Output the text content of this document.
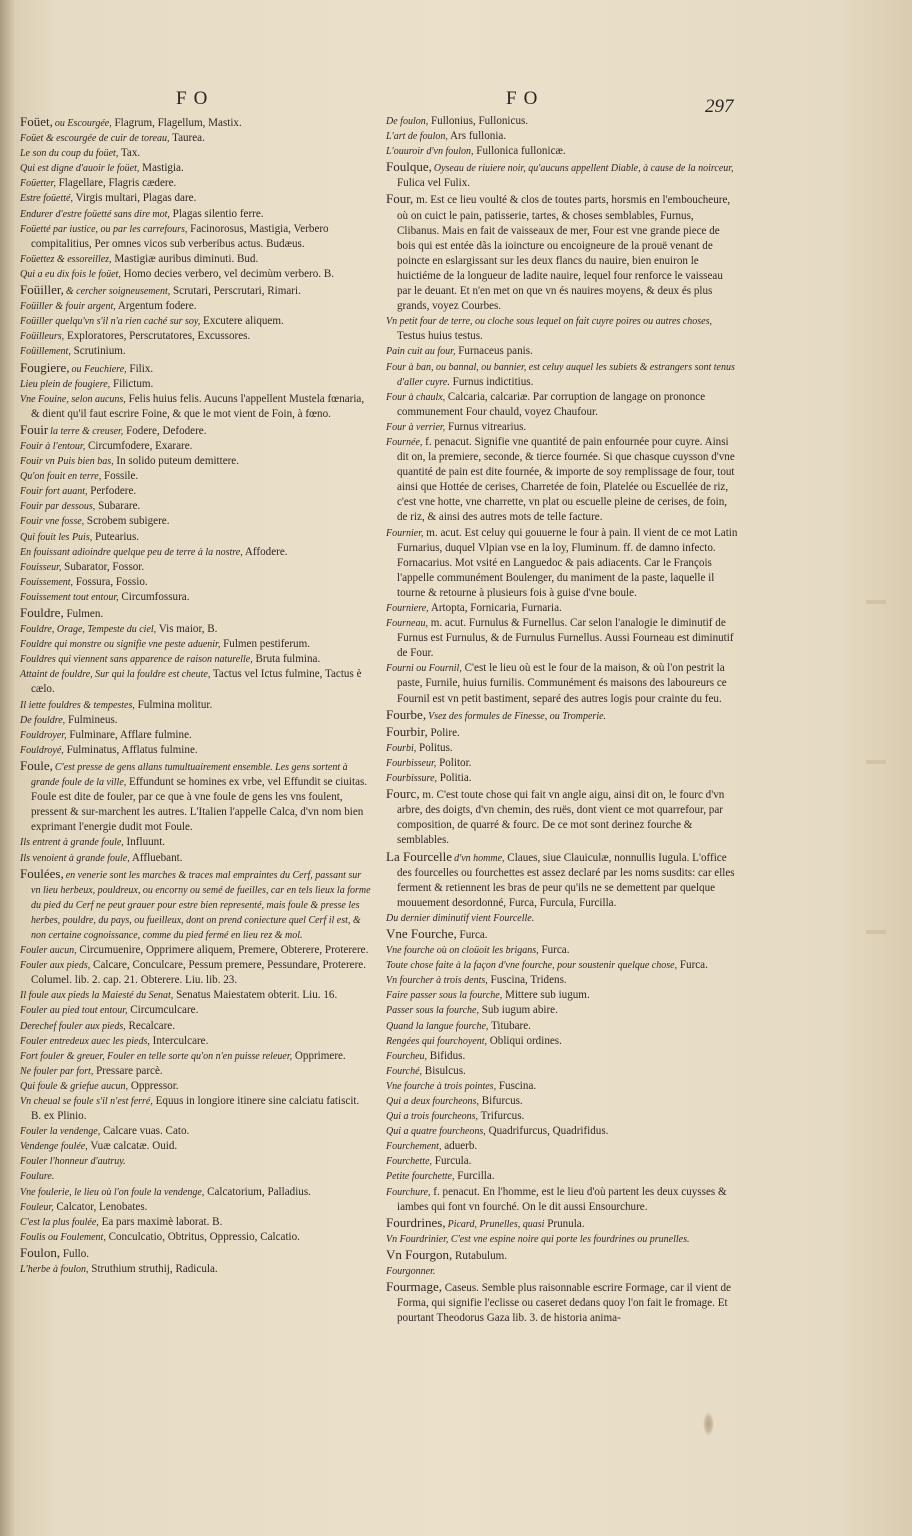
FO	FO	297

Foüet, ou Escourgée, Flagrum, Flagellum, Mastix.

Foüet & escourgée de cuir de toreau, Taurea.

Le son du coup du foüet, Tax.

Qui est digne d'auoir le foüet, Mastigia.

Foüetter, Flagellare, Flagris cædere.

Estre foüetté, Virgis multari, Plagas dare.

Endurer d'estre foüetté sans dire mot, Plagas silentio ferre.

Foüetté par iustice, ou par les carrefours, Facinorosus, Mastigia, Verbero compitalitius, Per omnes vicos sub verberibus actus. Budæus.

Foüettez & essoreillez, Mastigiæ auribus diminuti. Bud.

Qui a eu dix fois le foüet, Homo decies verbero, vel decimùm verbero. B.

Foüiller, & cercher soigneusement, Scrutari, Perscrutari, Rimari.

Foüiller & fouir argent, Argentum fodere.

Foüiller quelqu'vn s'il n'a rien caché sur soy, Excutere aliquem.

Foüilleurs, Exploratores, Perscrutatores, Excussores.

Foüillement, Scrutinium.

Fougiere, ou Feuchiere, Filix.

Lieu plein de fougiere, Filictum.

Vne Fouine, selon aucuns, Felis huius felis. Aucuns l'appellent Mustela fœnaria, & dient qu'il faut escrire Foine, & que le mot vient de Foin, à fœno.

Fouir la terre & creuser, Fodere, Defodere.

Fouir à l'entour, Circumfodere, Exarare.

Fouir vn Puis bien bas, In solido puteum demittere.

Qu'on fouit en terre, Fossile.

Fouir fort auant, Perfodere.

Fouir par dessous, Subarare.

Fouir vne fosse, Scrobem subigere.

Qui fouit les Puis, Putearius.

En fouissant adioindre quelque peu de terre à la nostre, Affodere.

Fouisseur, Subarator, Fossor.

Fouissement, Fossura, Fossio.

Fouissement tout entour, Circumfossura.

Fouldre, Fulmen.

Fouldre, Orage, Tempeste du ciel, Vis maior, B.

Fouldre qui monstre ou signifie vne peste aduenir, Fulmen pestiferum.

Fouldres qui viennent sans apparence de raison naturelle, Bruta fulmina.

Attaint de fouldre, Sur qui la fouldre est cheute, Tactus vel Ictus fulmine, Tactus è cælo.

Il iette fouldres & tempestes, Fulmina molitur.

De fouldre, Fulmineus.

Fouldroyer, Fulminare, Afflare fulmine.

Fouldroyé, Fulminatus, Afflatus fulmine.

Foule, C'est presse de gens allans tumultuairement ensemble. Les gens sortent à grande foule de la ville, Effundunt se homines ex vrbe, vel Effundit se ciuitas. Foule est dite de fouler, par ce que à vne foule de gens les vns foulent, pressent & sur-marchent les autres. L'Italien l'appelle Calca, d'vn nom bien exprimant l'energie dudit mot Foule.

Ils entrent à grande foule, Influunt.

Ils venoient à grande foule, Affluebant.

Foulées, en venerie sont les marches & traces mal empraintes du Cerf, passant sur vn lieu herbeux, pouldreux, ou encorny ou semé de fueilles, car en tels lieux la forme du pied du Cerf ne peut grauer pour estre bien representé, mais foule & presse les herbes, pouldre, du pays, ou fueilleux, dont on prend coniecture quel Cerf il est, & non certaine cognoissance, comme du pied fermé en lieu rez & mol.

Fouler aucun, Circumuenire, Opprimere aliquem, Premere, Obterere, Proterere.

Fouler aux pieds, Calcare, Conculcare, Pessum premere, Pessundare, Proterere. Columel. lib. 2. cap. 21. Obterere. Liu. lib. 23.

Il foule aux pieds la Maiesté du Senat, Senatus Maiestatem obterit. Liu. 16.

Fouler au pied tout entour, Circumculcare.

Derechef fouler aux pieds, Recalcare.

Fouler entredeux auec les pieds, Interculcare.

Fort fouler & greuer, Fouler en telle sorte qu'on n'en puisse releuer, Opprimere.

Ne fouler par fort, Pressare parcè.

Qui foule & griefue aucun, Oppressor.

Vn cheual se foule s'il n'est ferré, Equus in longiore itinere sine calciatu fatiscit. B. ex Plinio.

Fouler la vendenge, Calcare vuas. Cato.

Vendenge foulée, Vuæ calcatæ. Ouid.

Fouler l'honneur d'autruy.

Foulure.

Vne foulerie, le lieu où l'on foule la vendenge, Calcatorium, Palladius.

Fouleur, Calcator, Lenobates.

C'est la plus foulée, Ea pars maximè laborat. B.

Foulis ou Foulement, Conculcatio, Obtritus, Oppressio, Calcatio.

Foulon, Fullo.

L'herbe à foulon, Struthium struthij, Radicula.

De foulon, Fullonius, Fullonicus.

L'art de foulon, Ars fullonia.

L'ouuroir d'vn foulon, Fullonica fullonicæ.

Foulque, Oyseau de riuiere noir, qu'aucuns appellent Diable, à cause de la noirceur, Fulica vel Fulix.

Four, m. Est ce lieu voulté & clos de toutes parts, horsmis en l'emboucheure, où on cuict le pain, patisserie, tartes, & choses semblables, Furnus, Clibanus. Mais en fait de vaisseaux de mer, Four est vne grande piece de bois qui est entée dãs la ioincture ou encoigneure de la prouë venant de poincte en eslargissant sur les deux flancs du nauire, bien enuiron le huictiéme de la longueur de ladite nauire, lequel four renforce le vaisseau par le deuant. Et n'en met on que vn és nauires moyens, & deux és plus grands, voyez Courbes.

Vn petit four de terre, ou cloche sous lequel on fait cuyre poires ou autres choses, Testus huius testus.

Pain cuit au four, Furnaceus panis.

Four à ban, ou bannal, ou bannier, est celuy auquel les subiets & estrangers sont tenus d'aller cuyre. Furnus indictitius.

Four à chaulx, Calcaria, calcariæ. Par corruption de langage on prononce communement Four chauld, voyez Chaufour.

Four à verrier, Furnus vitrearius.

Fournée, f. penacut. Signifie vne quantité de pain enfournée pour cuyre. Ainsi dit on, la premiere, seconde, & tierce fournée. Si que chasque cuysson d'vne quantité de pain est dite fournée, & importe de soy remplissage de four, tout ainsi que Hottée de cerises, Charretée de foin, Platelée ou Escuellée de riz, c'est vne hotte, vne charrette, vn plat ou escuelle pleine de cerises, de foin, de riz, & ainsi des autres mots de telle facture.

Fournier, m. acut. Est celuy qui gouuerne le four à pain. Il vient de ce mot Latin Furnarius, duquel Vlpian vse en la loy, Fluminum. ff. de damno infecto. Fornacarius. Mot vsité en Languedoc & pais adiacents. Car le François l'appelle communément Boulenger, du maniment de la paste, laquelle il tourne & retourne à plusieurs fois à guise d'vne boule.

Fourniere, Artopta, Fornicaria, Furnaria.

Fourneau, m. acut. Furnulus & Furnellus. Car selon l'analogie le diminutif de Furnus est Furnulus, & de Furnulus Furnellus. Aussi Fourneau est diminutif de Four.

Fourni ou Fournil, C'est le lieu où est le four de la maison, & où l'on pestrit la paste, Furnile, huius furnilis. Communément és maisons des laboureurs ce Fournil est vn petit bastiment, separé des autres logis pour crainte du feu.

Fourbe, Vsez des formules de Finesse, ou Tromperie.

Fourbir, Polire.

Fourbi, Politus.

Fourbisseur, Politor.

Fourbissure, Politia.

Fourc, m. C'est toute chose qui fait vn angle aigu, ainsi dit on, le fourc d'vn arbre, des doigts, d'vn chemin, des ruës, dont vient ce mot quarrefour, par composition, de quarré & fourc. De ce mot sont derinez fourche & semblables.

La Fourcelle d'vn homme, Claues, siue Clauiculæ, nonnullis Iugula. L'office des fourcelles ou fourchettes est assez declaré par les noms susdits: car elles ferment & retiennent les bras de peur qu'ils ne se demettent par quelque mouuement desordonné, Furca, Furcula, Furcilla.

Du dernier diminutif vient Fourcelle.

Vne Fourche, Furca.

Vne fourche où on cloüoit les brigans, Furca.

Toute chose faite à la façon d'vne fourche, pour soustenir quelque chose, Furca.

Vn fourcher à trois dents, Fuscina, Tridens.

Faire passer sous la fourche, Mittere sub iugum.

Passer sous la fourche, Sub iugum abire.

Quand la langue fourche, Titubare.

Rengées qui fourchoyent, Obliqui ordines.

Fourcheu, Bifidus.

Fourché, Bisulcus.

Vne fourche à trois pointes, Fuscina.

Qui a deux fourcheons, Bifurcus.

Qui a trois fourcheons, Trifurcus.

Qui a quatre fourcheons, Quadrifurcus, Quadrifidus.

Fourchement, aduerb.

Fourchette, Furcula.

Petite fourchette, Furcilla.

Fourchure, f. penacut. En l'homme, est le lieu d'où partent les deux cuysses & iambes qui font vn fourché. On le dit aussi Ensourchure.

Fourdrines, Picard, Prunelles, quasi Prunula.

Vn Fourdrinier, C'est vne espine noire qui porte les fourdrines ou prunelles.

Vn Fourgon, Rutabulum.

Fourgonner.

Fourmage, Caseus. Semble plus raisonnable escrire Formage, car il vient de Forma, qui signifie l'eclisse ou caseret dedans quoy l'on fait le fromage. Et pourtant Theodorus Gaza lib. 3. de historia anima-
